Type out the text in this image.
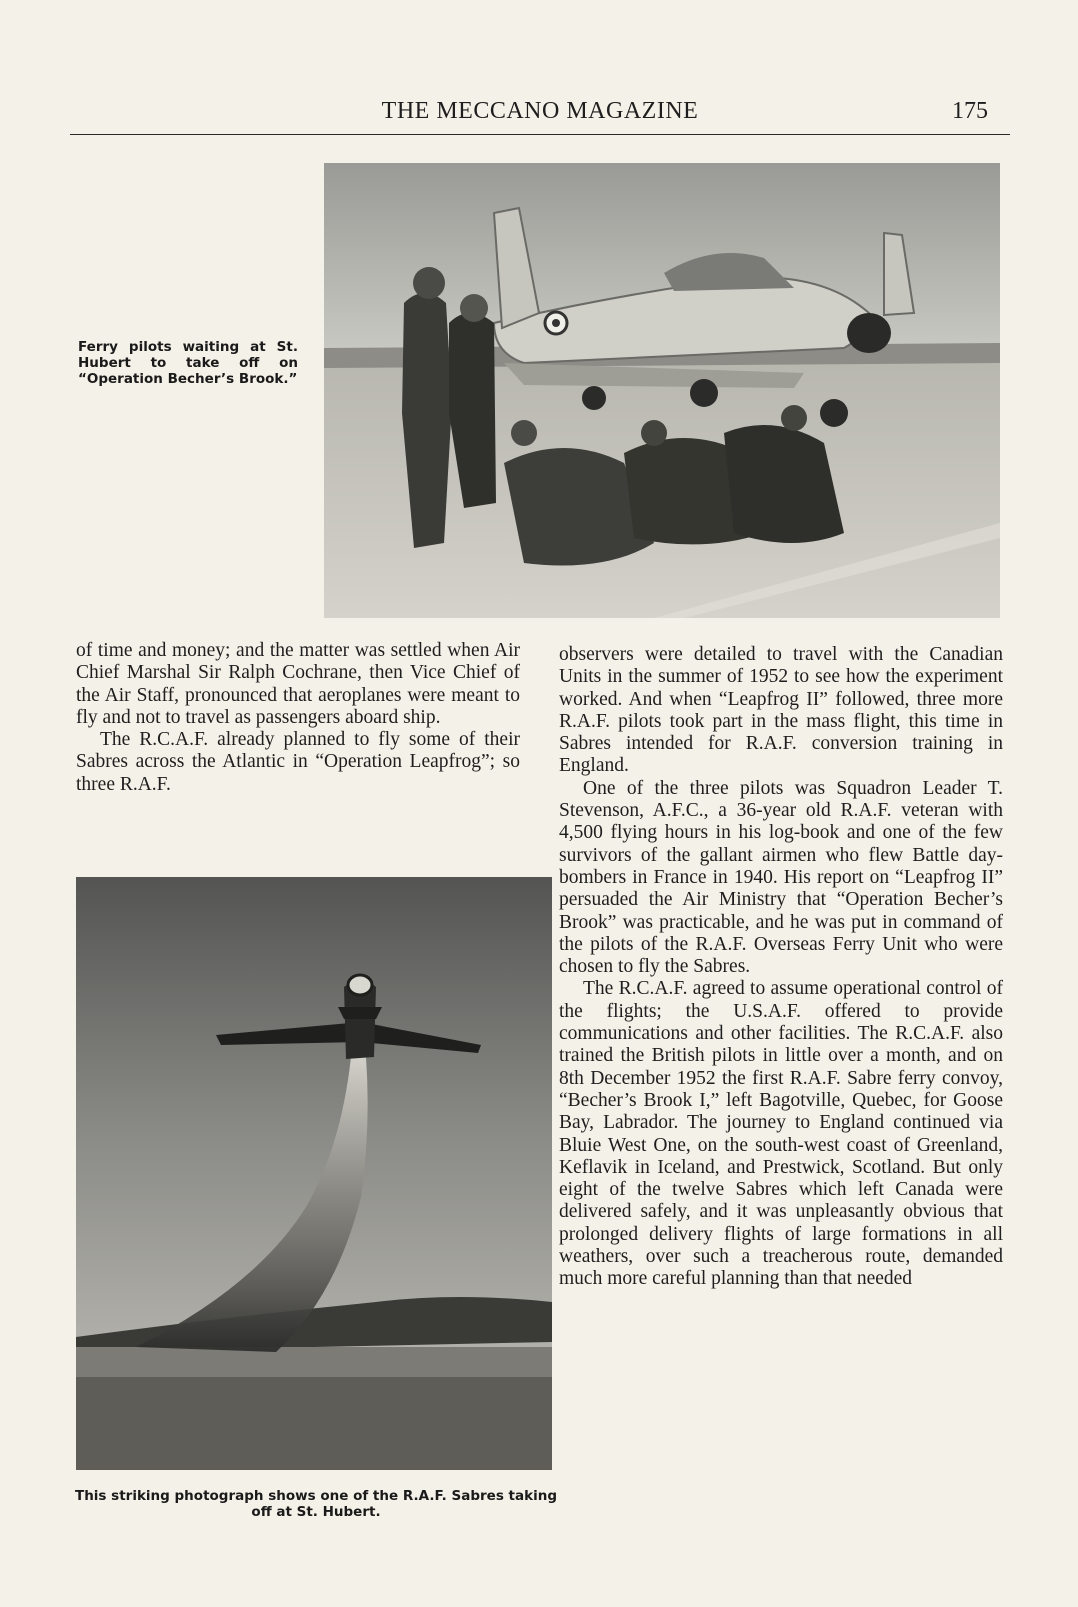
THE MECCANO MAGAZINE	175
Ferry pilots waiting at St. Hubert to take off on “Operation Becher’s Brook.”
This striking photograph shows one of the R.A.F. Sabres taking off at St. Hubert.

of time and money; and the matter was settled when Air Chief Marshal Sir Ralph Cochrane, then Vice Chief of the Air Staff, pronounced that aeroplanes were meant to fly and not to travel as passengers aboard ship.

The R.C.A.F. already planned to fly some of their Sabres across the Atlantic in “Operation Leapfrog”; so three R.A.F.

observers were detailed to travel with the Canadian Units in the summer of 1952 to see how the experiment worked. And when “Leapfrog II” followed, three more R.A.F. pilots took part in the mass flight, this time in Sabres intended for R.A.F. conversion training in England.

One of the three pilots was Squadron Leader T. Stevenson, A.F.C., a 36-year old R.A.F. veteran with 4,500 flying hours in his log-book and one of the few survivors of the gallant airmen who flew Battle day-bombers in France in 1940. His report on “Leapfrog II” persuaded the Air Ministry that “Operation Becher’s Brook” was practicable, and he was put in command of the pilots of the R.A.F. Overseas Ferry Unit who were chosen to fly the Sabres.

The R.C.A.F. agreed to assume operational control of the flights; the U.S.A.F. offered to provide communications and other facilities. The R.C.A.F. also trained the British pilots in little over a month, and on 8th December 1952 the first R.A.F. Sabre ferry convoy, “Becher’s Brook I,” left Bagotville, Quebec, for Goose Bay, Labrador. The journey to England continued via Bluie West One, on the south-west coast of Greenland, Keflavik in Iceland, and Prestwick, Scotland. But only eight of the twelve Sabres which left Canada were delivered safely, and it was unpleasantly obvious that prolonged delivery flights of large formations in all weathers, over such a treacherous route, demanded much more careful planning than that needed
